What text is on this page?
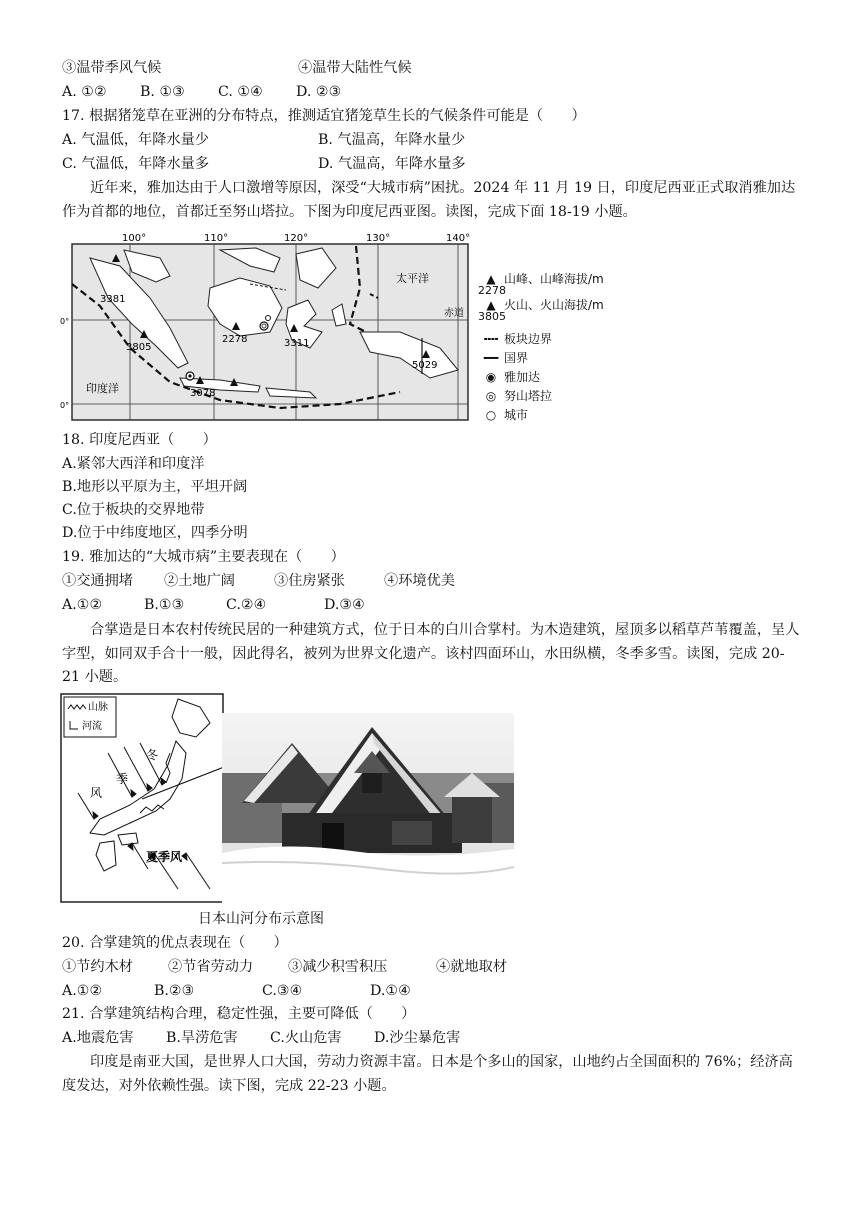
③温带季风气候	④温带大陆性气候
A. ①② B. ①③ C. ①④ D. ②③
17. 根据猪笼草在亚洲的分布特点，推测适宜猪笼草生长的气候条件可能是（　　）
A. 气温低，年降水量少	B. 气温高，年降水量少
C. 气温低，年降水量多	D. 气温高，年降水量多
近年来，雅加达由于人口激增等原因，深受“大城市病”困扰。2024 年 11 月 19 日，印度尼西亚正式取消雅加达作为首都的地位，首都迁至努山塔拉。下图为印度尼西亚图。读图，完成下面 18-19 小题。
100°	110°	120°	130°	140°
0°
0°
太平洋
印度洋
赤道
3381
3805
2278	3311
3078
5029
▲ 山峰、山峰海拔/m
2278
▲ 火山、火山海拔/m
3805
╍╍ 板块边界
━━ 国界
◉ 雅加达
◎ 努山塔拉
○ 城市
18. 印度尼西亚（　　）
A.紧邻大西洋和印度洋
B.地形以平原为主，平坦开阔
C.位于板块的交界地带
D.位于中纬度地区，四季分明
19. 雅加达的“大城市病”主要表现在（　　）
①交通拥堵 ②土地广阔	③住房紧张	④环境优美
A.①②	B.①③	C.②④	D.③④
合掌造是日本农村传统民居的一种建筑方式，位于日本的白川合掌村。为木造建筑，屋顶多以稻草芦苇覆盖，呈人字型，如同双手合十一般，因此得名，被列为世界文化遗产。该村四面环山，水田纵横，冬季多雪。读图，完成 20-21 小题。
山脉
河流
冬
季
风
夏季风
日本山河分布示意图
20. 合掌建筑的优点表现在（　　）
①节约木材 ②节省劳动力 ③减少积雪积压	④就地取材
A.①②	B.②③	C.③④	D.①④
21. 合掌建筑结构合理，稳定性强，主要可降低（　　）
A.地震危害 B.旱涝危害 C.火山危害 D.沙尘暴危害
印度是南亚大国，是世界人口大国，劳动力资源丰富。日本是个多山的国家，山地约占全国面积的 76%；经济高度发达，对外依赖性强。读下图，完成 22-23 小题。
